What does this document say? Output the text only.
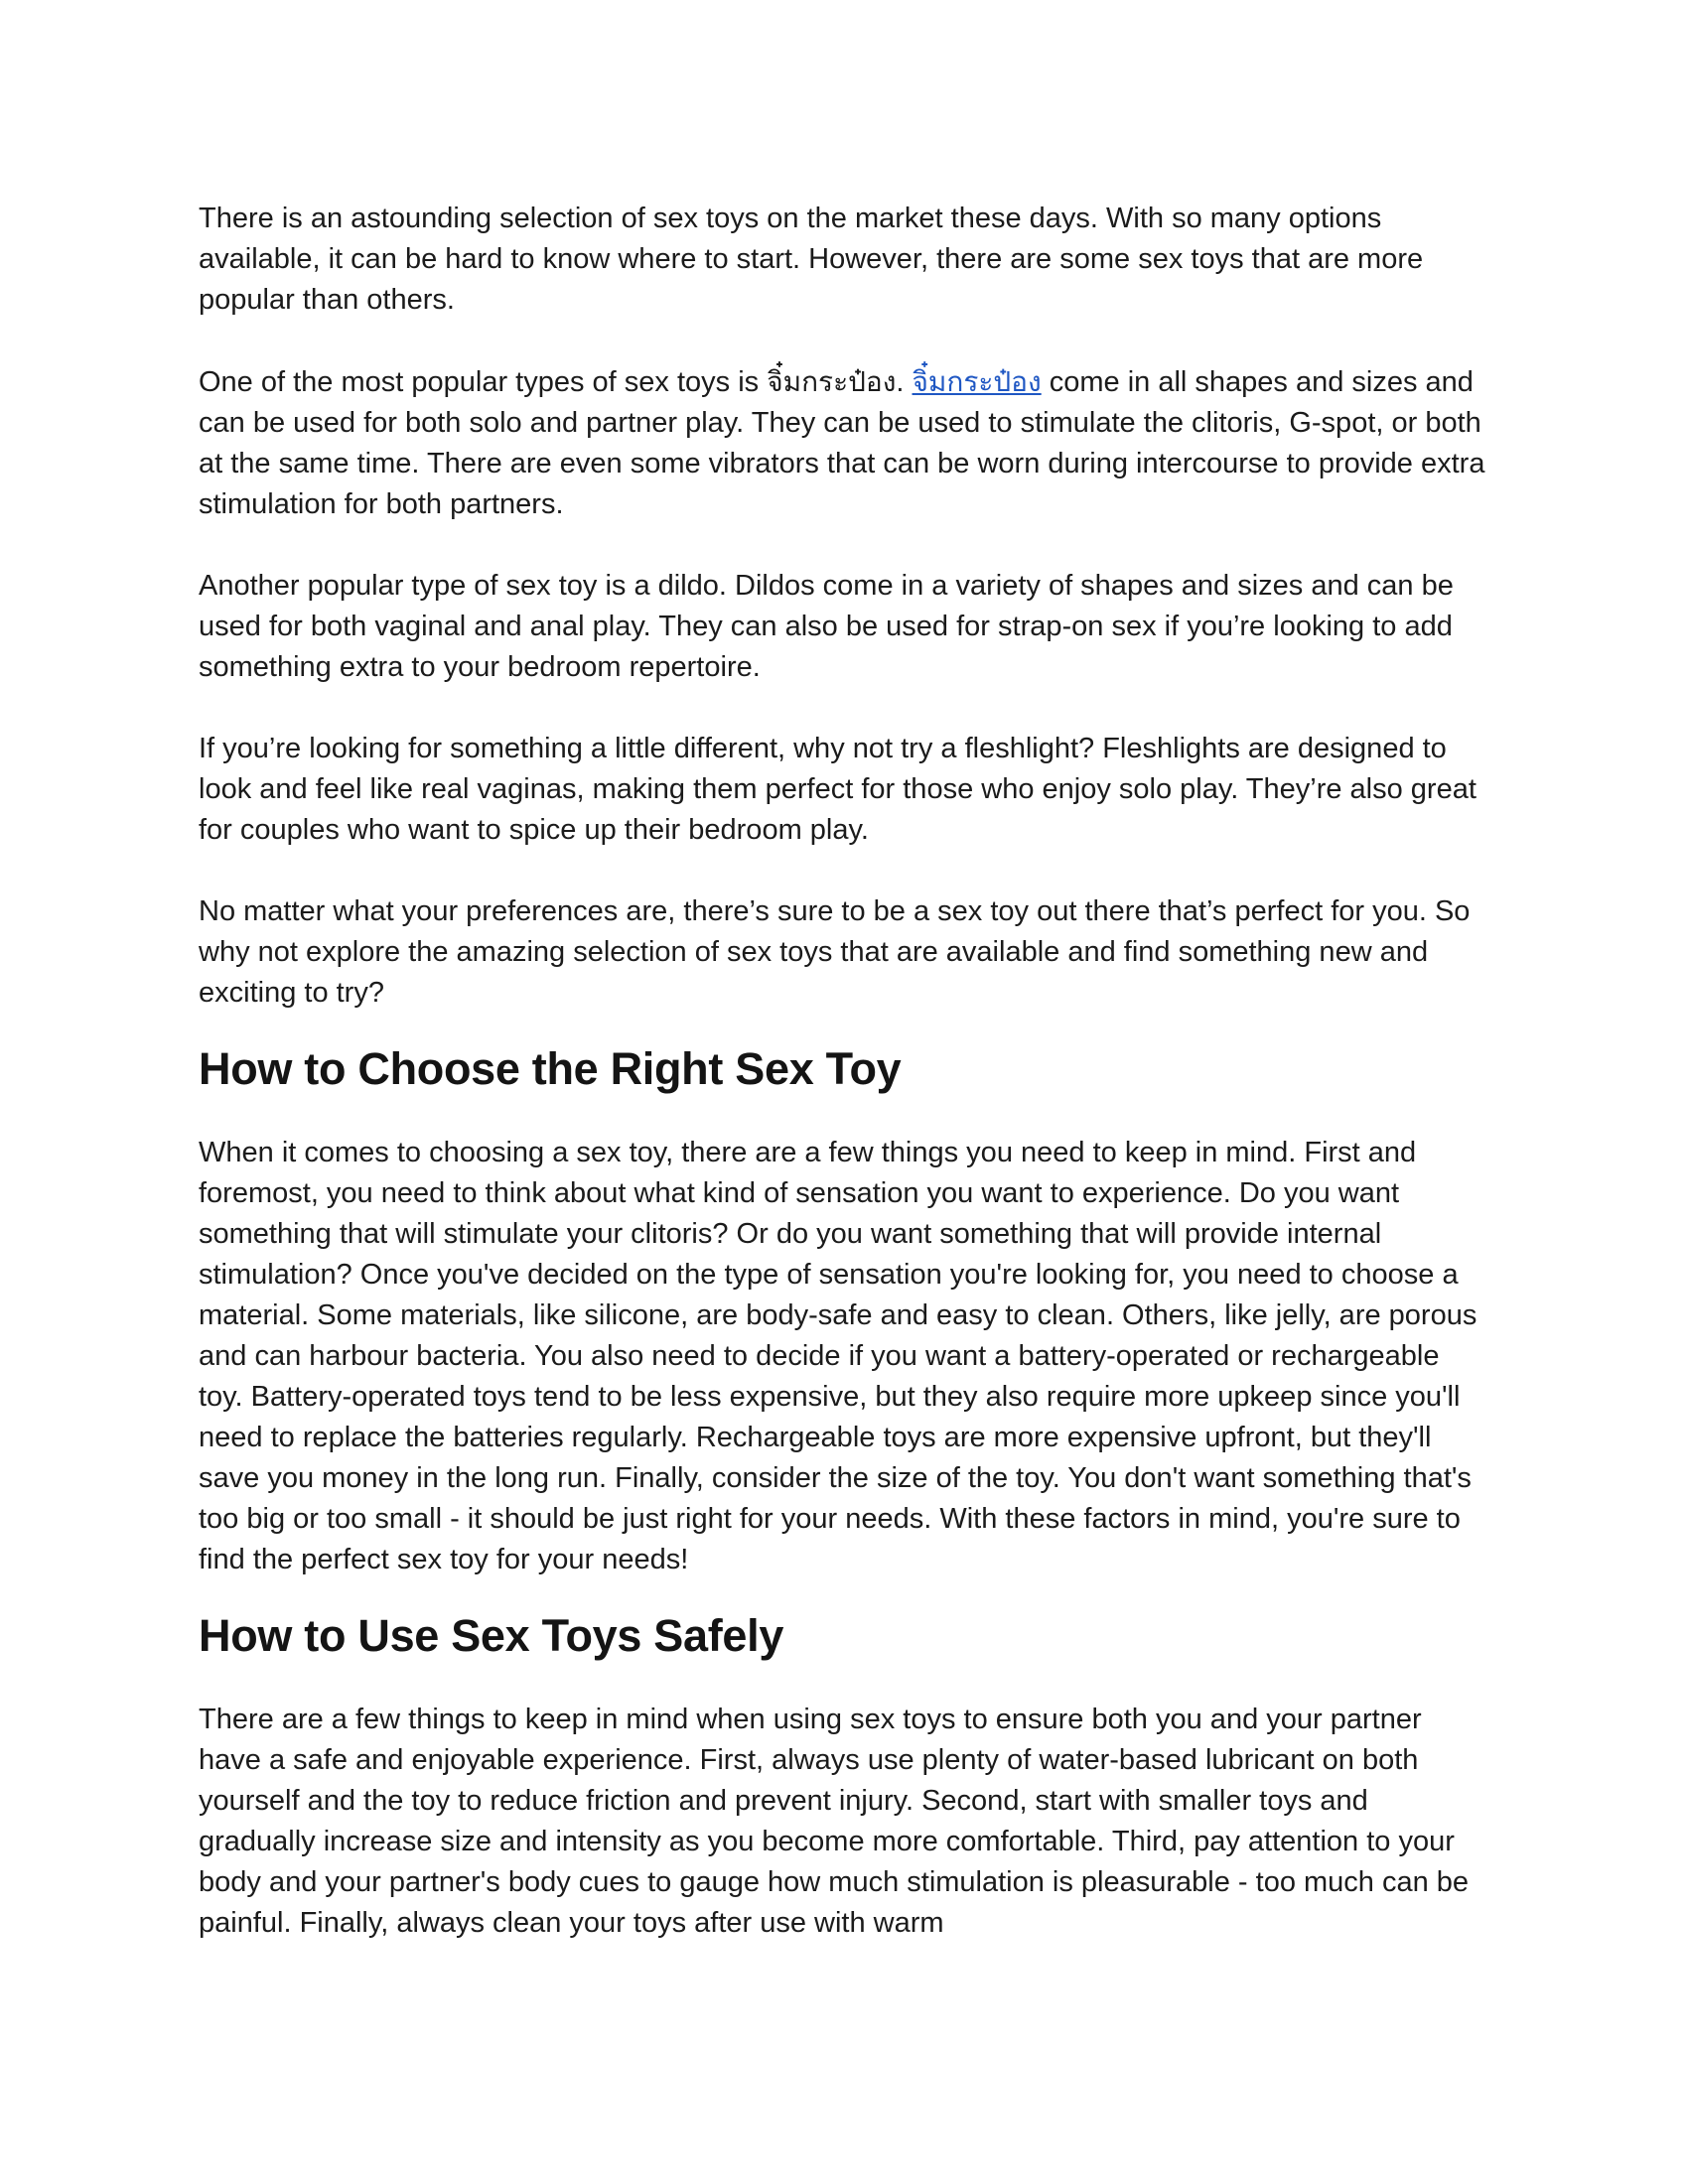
There is an astounding selection of sex toys on the market these days. With so many options available, it can be hard to know where to start. However, there are some sex toys that are more popular than others.

One of the most popular types of sex toys is จิ๋มกระป๋อง. จิ๋มกระป๋อง come in all shapes and sizes and can be used for both solo and partner play. They can be used to stimulate the clitoris, G-spot, or both at the same time. There are even some vibrators that can be worn during intercourse to provide extra stimulation for both partners.

Another popular type of sex toy is a dildo. Dildos come in a variety of shapes and sizes and can be used for both vaginal and anal play. They can also be used for strap-on sex if you’re looking to add something extra to your bedroom repertoire.

If you’re looking for something a little different, why not try a fleshlight? Fleshlights are designed to look and feel like real vaginas, making them perfect for those who enjoy solo play. They’re also great for couples who want to spice up their bedroom play.

No matter what your preferences are, there’s sure to be a sex toy out there that’s perfect for you. So why not explore the amazing selection of sex toys that are available and find something new and exciting to try?

How to Choose the Right Sex Toy

When it comes to choosing a sex toy, there are a few things you need to keep in mind. First and foremost, you need to think about what kind of sensation you want to experience. Do you want something that will stimulate your clitoris? Or do you want something that will provide internal stimulation? Once you've decided on the type of sensation you're looking for, you need to choose a material. Some materials, like silicone, are body-safe and easy to clean. Others, like jelly, are porous and can harbour bacteria. You also need to decide if you want a battery-operated or rechargeable toy. Battery-operated toys tend to be less expensive, but they also require more upkeep since you'll need to replace the batteries regularly. Rechargeable toys are more expensive upfront, but they'll save you money in the long run. Finally, consider the size of the toy. You don't want something that's too big or too small - it should be just right for your needs. With these factors in mind, you're sure to find the perfect sex toy for your needs!

How to Use Sex Toys Safely

There are a few things to keep in mind when using sex toys to ensure both you and your partner have a safe and enjoyable experience. First, always use plenty of water-based lubricant on both yourself and the toy to reduce friction and prevent injury. Second, start with smaller toys and gradually increase size and intensity as you become more comfortable. Third, pay attention to your body and your partner's body cues to gauge how much stimulation is pleasurable - too much can be painful. Finally, always clean your toys after use with warm
